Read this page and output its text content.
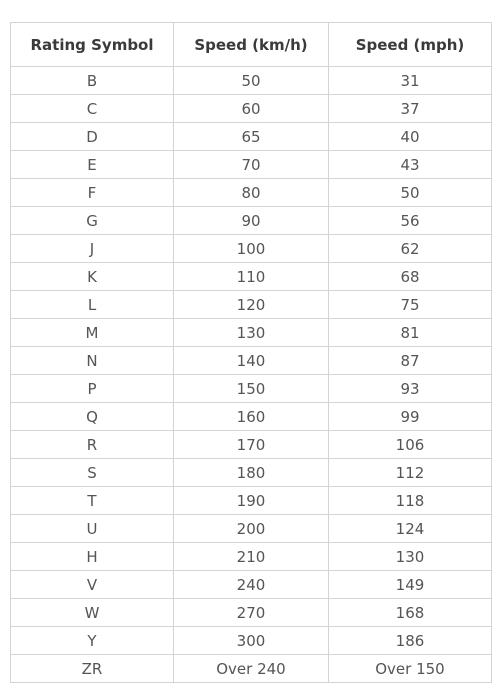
Rating Symbol	Speed (km/h)	Speed (mph)
B	50	31
C	60	37
D	65	40
E	70	43
F	80	50
G	90	56
J	100	62
K	110	68
L	120	75
M	130	81
N	140	87
P	150	93
Q	160	99
R	170	106
S	180	112
T	190	118
U	200	124
H	210	130
V	240	149
W	270	168
Y	300	186
ZR	Over 240	Over 150
